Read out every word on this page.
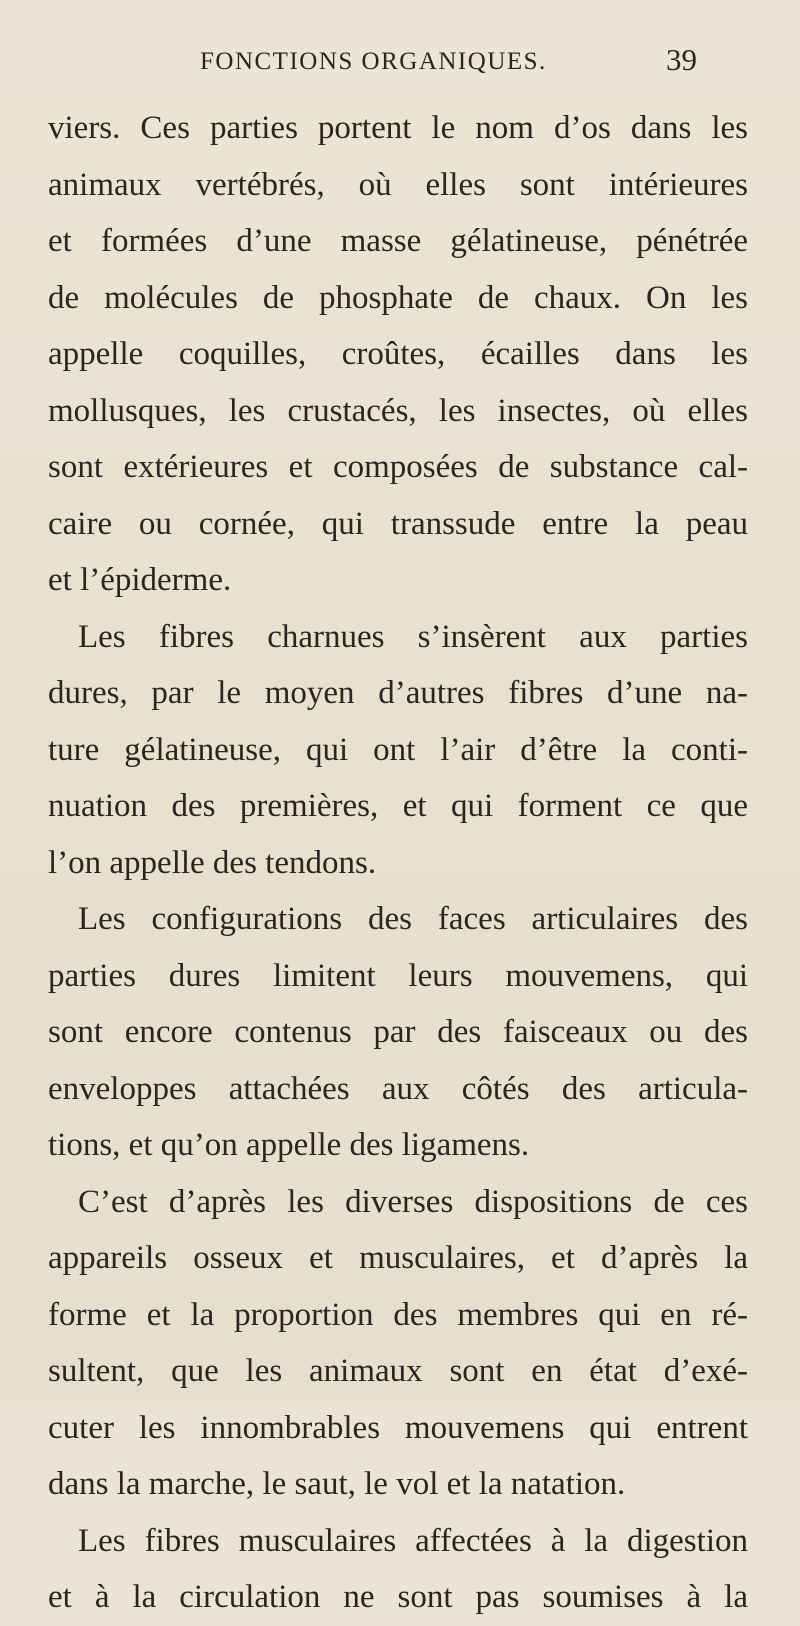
FONCTIONS ORGANIQUES.	39
viers. Ces parties portent le nom d’os dans les
animaux vertébrés, où elles sont intérieures
et formées d’une masse gélatineuse, pénétrée
de molécules de phosphate de chaux. On les
appelle coquilles, croûtes, écailles dans les
mollusques, les crustacés, les insectes, où elles
sont extérieures et composées de substance cal-
caire ou cornée, qui transsude entre la peau
et l’épiderme.
Les fibres charnues s’insèrent aux parties
dures, par le moyen d’autres fibres d’une na-
ture gélatineuse, qui ont l’air d’être la conti-
nuation des premières, et qui forment ce que
l’on appelle des tendons.
Les configurations des faces articulaires des
parties dures limitent leurs mouvemens, qui
sont encore contenus par des faisceaux ou des
enveloppes attachées aux côtés des articula-
tions, et qu’on appelle des ligamens.
C’est d’après les diverses dispositions de ces
appareils osseux et musculaires, et d’après la
forme et la proportion des membres qui en ré-
sultent, que les animaux sont en état d’exé-
cuter les innombrables mouvemens qui entrent
dans la marche, le saut, le vol et la natation.
Les fibres musculaires affectées à la digestion
et à la circulation ne sont pas soumises à la
